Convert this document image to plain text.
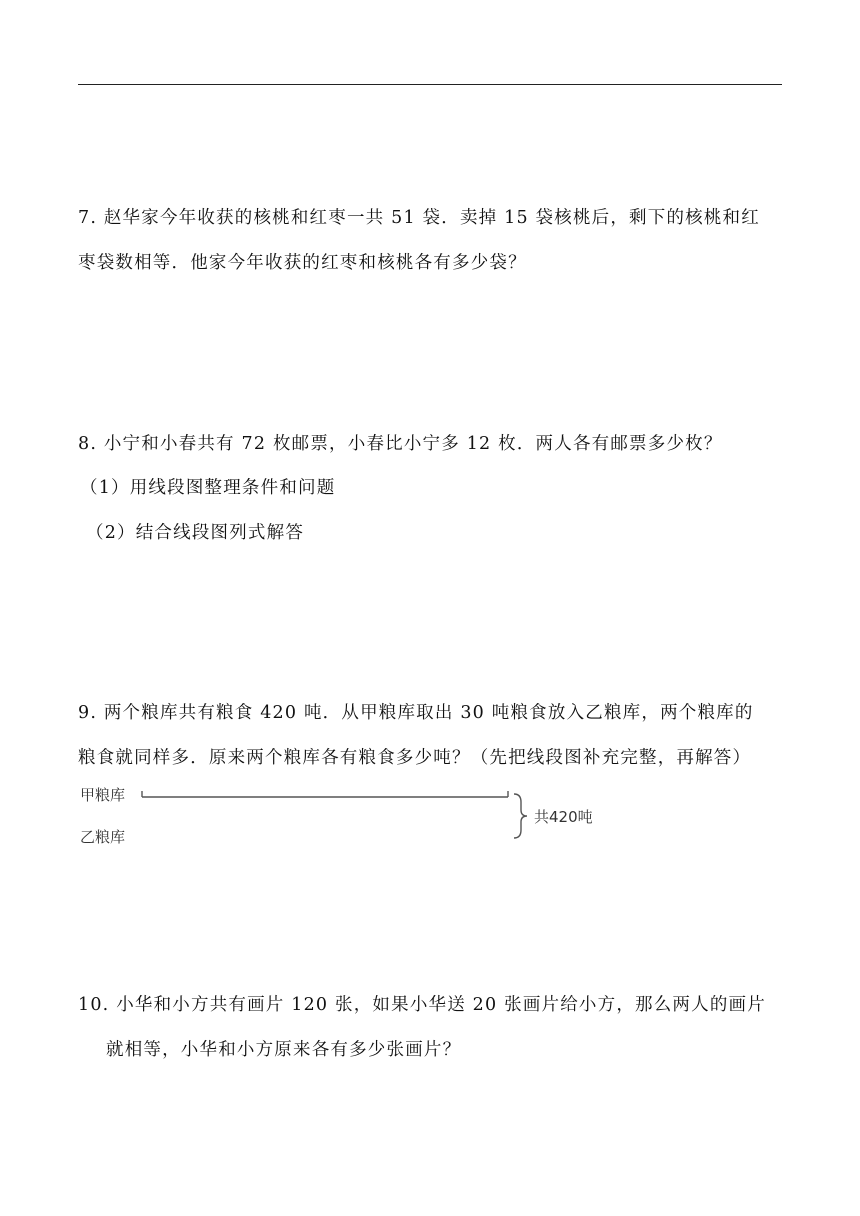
7. 赵华家今年收获的核桃和红枣一共 51 袋．卖掉 15 袋核桃后，剩下的核桃和红
枣袋数相等．他家今年收获的红枣和核桃各有多少袋？
8. 小宁和小春共有 72 枚邮票，小春比小宁多 12 枚．两人各有邮票多少枚？
（1）用线段图整理条件和问题
（2）结合线段图列式解答
9. 两个粮库共有粮食 420 吨．从甲粮库取出 30 吨粮食放入乙粮库，两个粮库的
粮食就同样多．原来两个粮库各有粮食多少吨？（先把线段图补充完整，再解答）
甲粮库
乙粮库
共420吨
10. 小华和小方共有画片 120 张，如果小华送 20 张画片给小方，那么两人的画片
就相等，小华和小方原来各有多少张画片？
